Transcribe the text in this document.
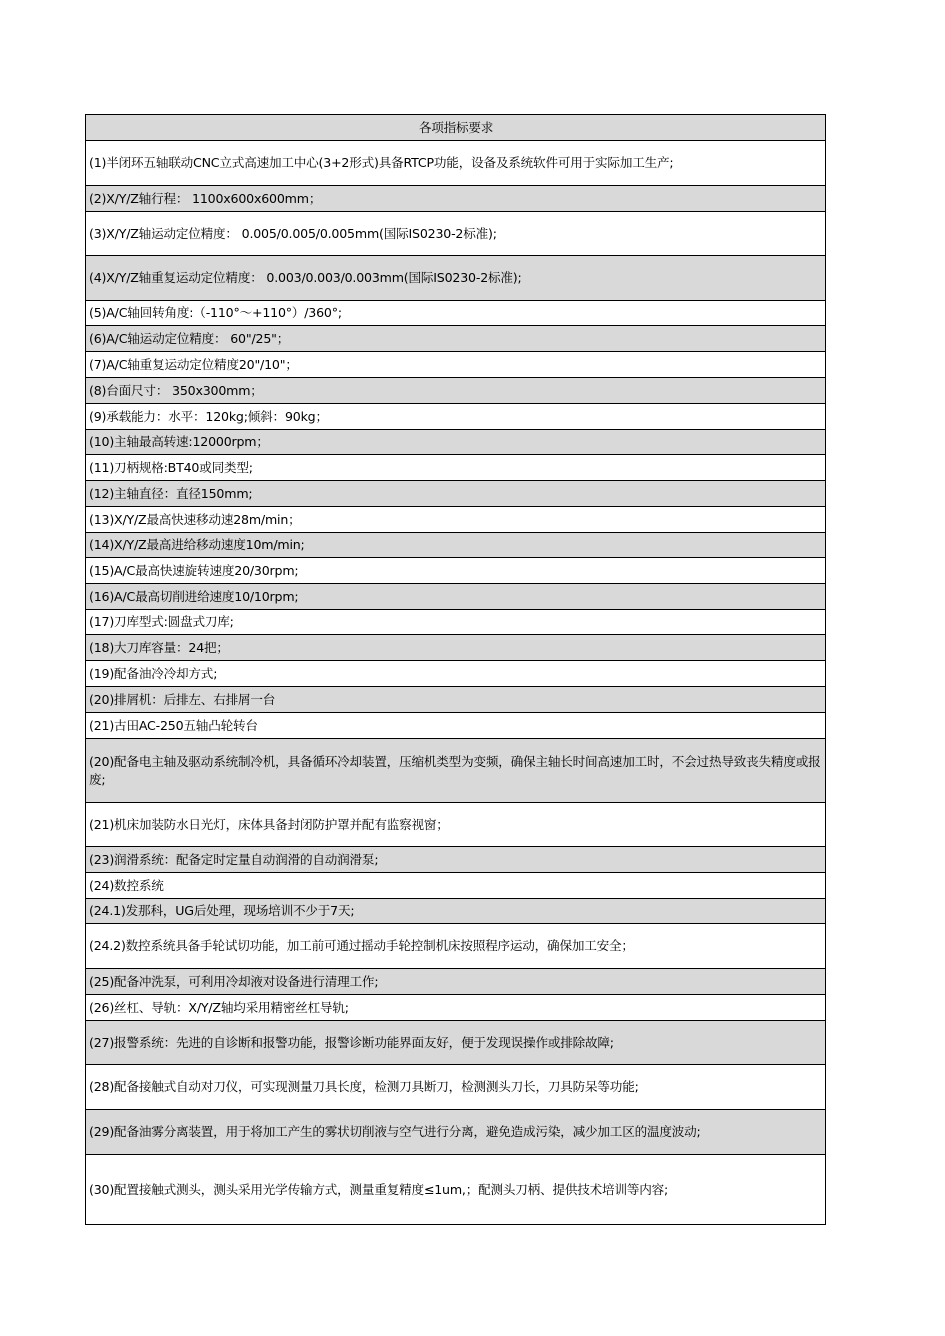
各项指标要求
(1)半闭环五轴联动CNC立式高速加工中心(3+2形式)具备RTCP功能，设备及系统软件可用于实际加工生产;
(2)X/Y/Z轴行程： 1100x600x600mm；
(3)X/Y/Z轴运动定位精度： 0.005/0.005/0.005mm(国际IS0230-2标准);
(4)X/Y/Z轴重复运动定位精度： 0.003/0.003/0.003mm(国际IS0230-2标准);
(5)A/C轴回转角度:（-110°～+110°）/360°;
(6)A/C轴运动定位精度： 60"/25"；
(7)A/C轴重复运动定位精度20"/10"；
(8)台面尺寸： 350x300mm；
(9)承载能力：水平：120kg;倾斜：90kg；
(10)主轴最高转速:12000rpm；
(11)刀柄规格:BT40或同类型;
(12)主轴直径：直径150mm;
(13)X/Y/Z最高快速移动速28m/min；
(14)X/Y/Z最高进给移动速度10m/min;
(15)A/C最高快速旋转速度20/30rpm;
(16)A/C最高切削进给速度10/10rpm;
(17)刀库型式:圆盘式刀库;
(18)大刀库容量：24把；
(19)配备油冷冷却方式;
(20)排屑机：后排左、右排屑一台
(21)古田AC-250五轴凸轮转台
(20)配备电主轴及驱动系统制冷机，具备循环冷却装置，压缩机类型为变频，确保主轴长时间高速加工时，不会过热导致丧失精度或报废;
(21)机床加装防水日光灯，床体具备封闭防护罩并配有监察视窗；
(23)润滑系统：配备定时定量自动润滑的自动润滑泵;
(24)数控系统
(24.1)发那科，UG后处理，现场培训不少于7天;
(24.2)数控系统具备手轮试切功能，加工前可通过摇动手轮控制机床按照程序运动，确保加工安全；
(25)配备冲洗泵，可利用冷却液对设备进行清理工作;
(26)丝杠、导轨：X/Y/Z轴均采用精密丝杠导轨;
(27)报警系统：先进的自诊断和报警功能，报警诊断功能界面友好，便于发现误操作或排除故障;
(28)配备接触式自动对刀仪，可实现测量刀具长度，检测刀具断刀，检测测头刀长，刀具防呆等功能;
(29)配备油雾分离装置，用于将加工产生的雾状切削液与空气进行分离，避免造成污染，减少加工区的温度波动;
(30)配置接触式测头，测头采用光学传输方式，测量重复精度≤1um,；配测头刀柄、提供技术培训等内容;
